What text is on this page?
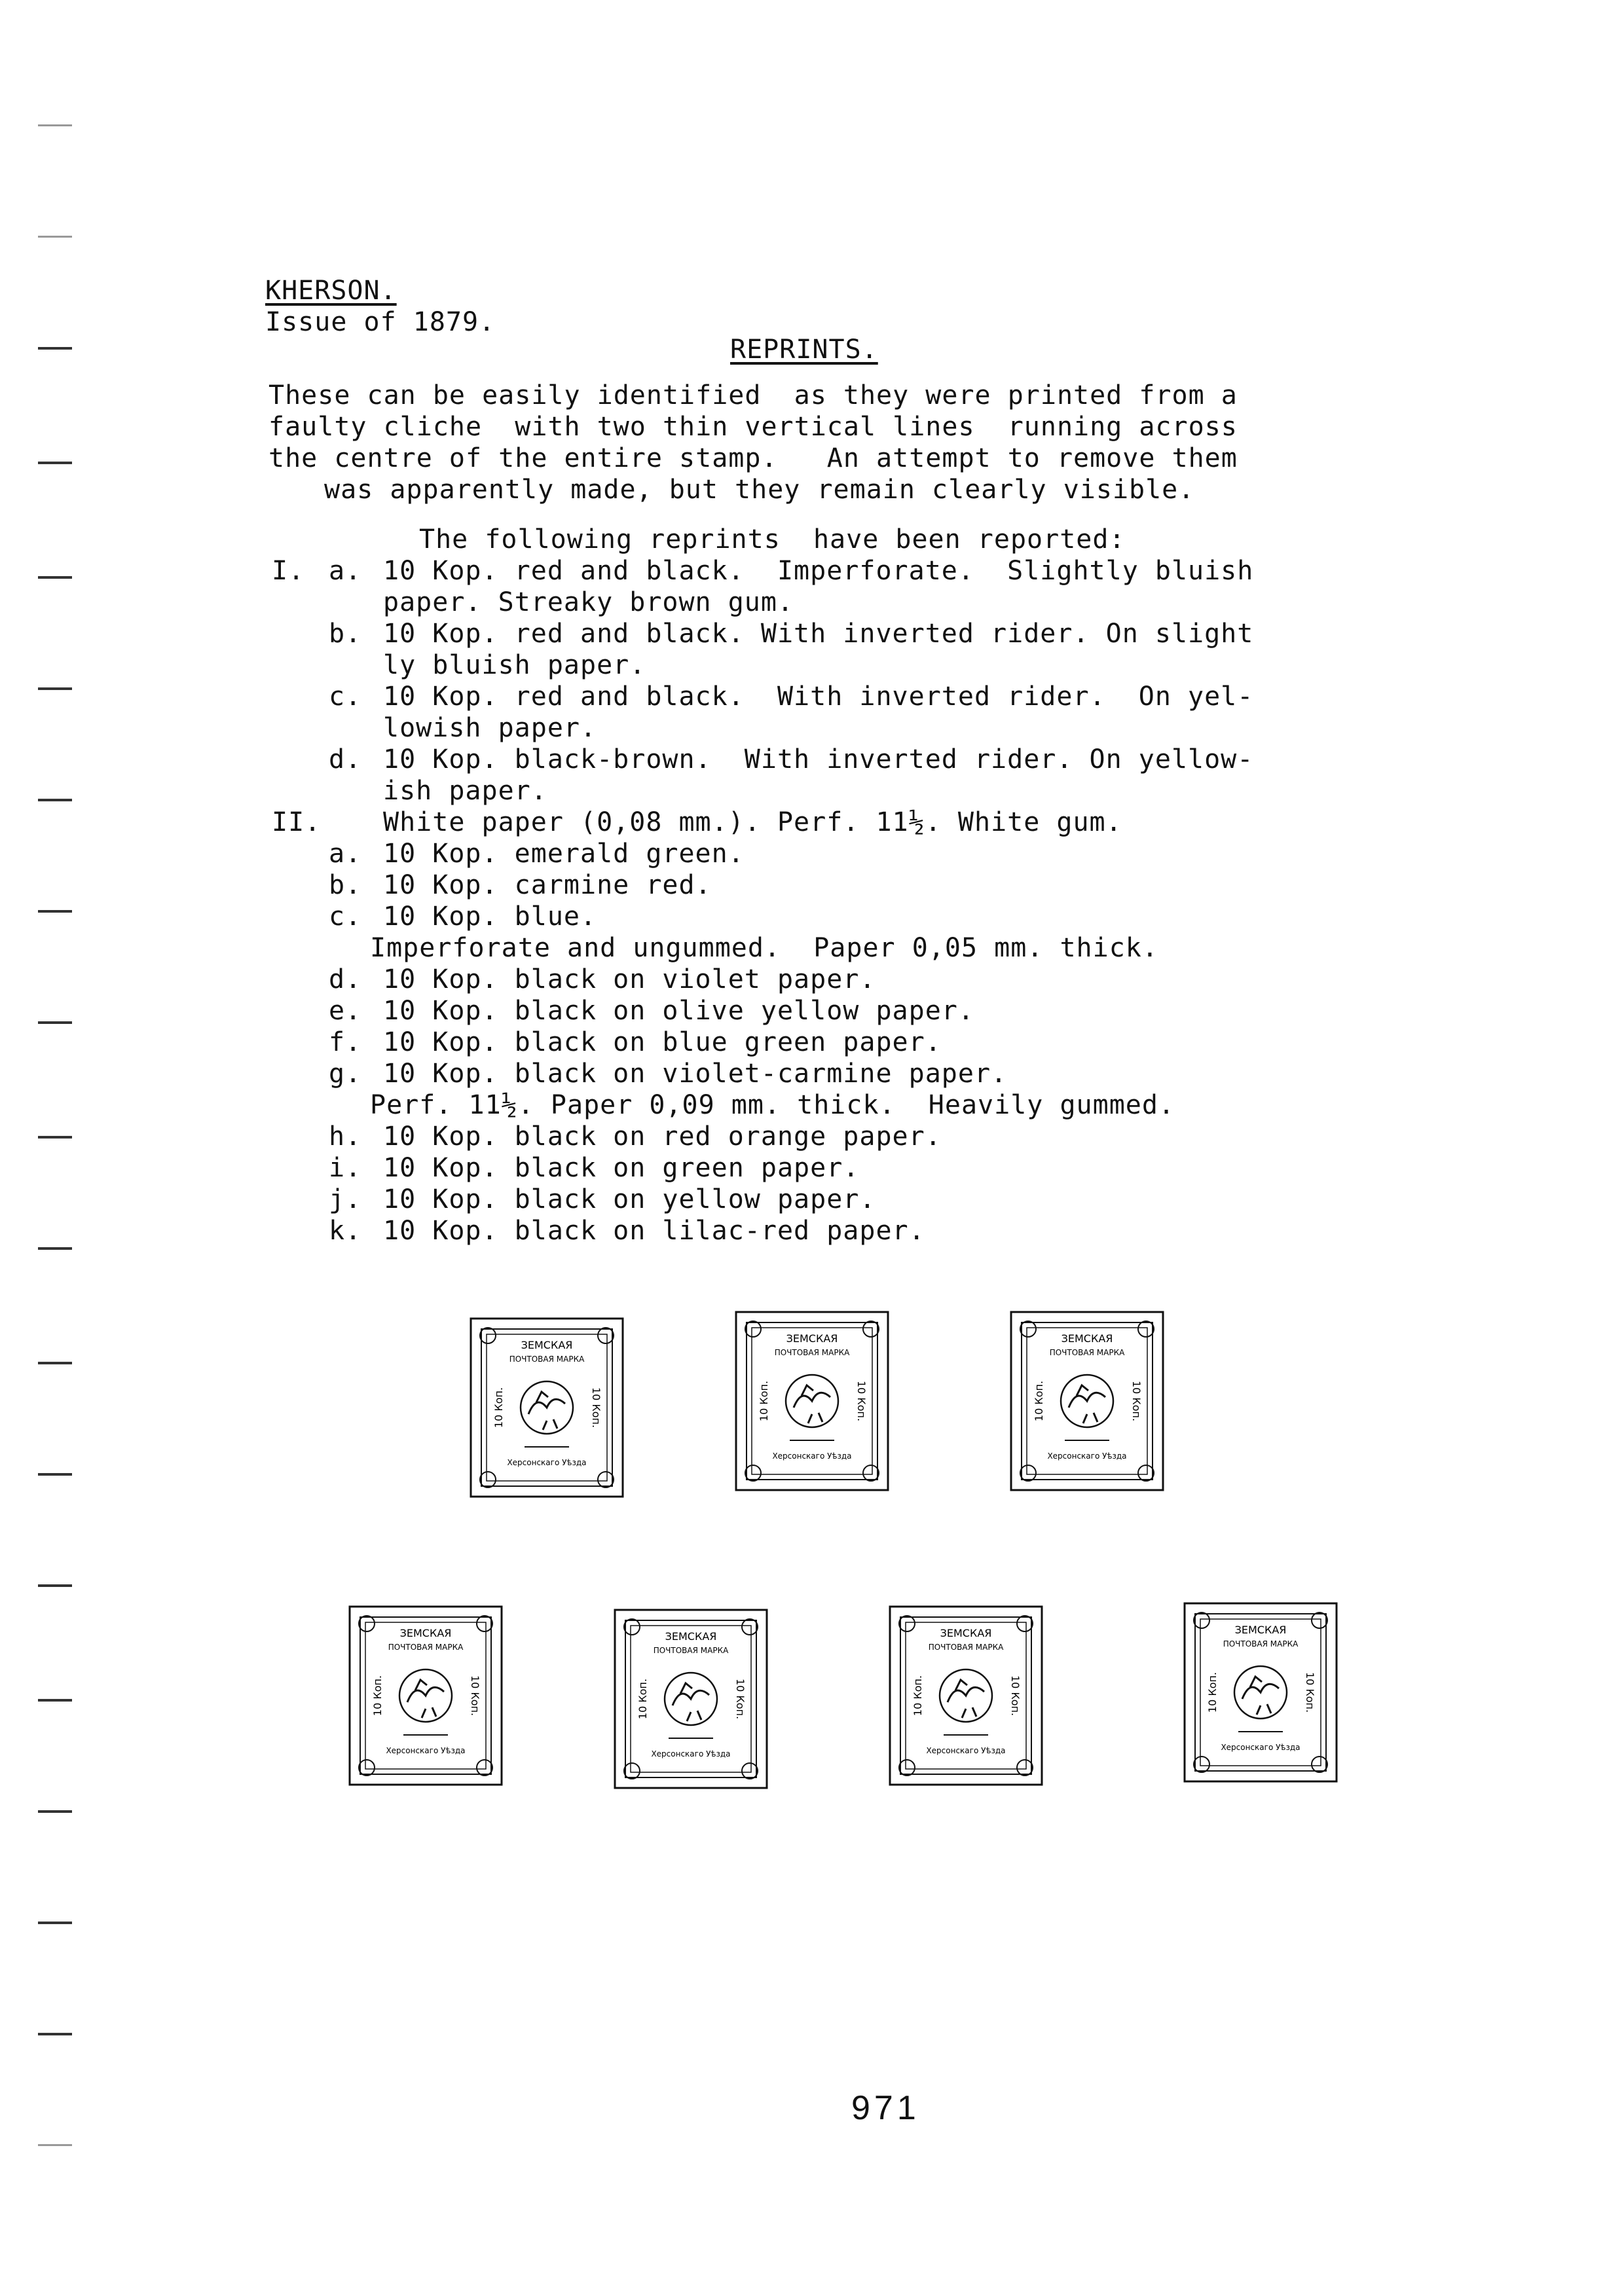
KHERSON.
Issue of 1879.
REPRINTS.
These can be easily identified  as they were printed from a
faulty cliche  with two thin vertical lines  running across
the centre of the entire stamp.   An attempt to remove them
was apparently made, but they remain clearly visible.
The following reprints  have been reported:
I. a. 10 Kop. red and black.  Imperforate.  Slightly bluish
paper. Streaky brown gum.
b. 10 Kop. red and black. With inverted rider. On slight
ly bluish paper.
c. 10 Kop. red and black.  With inverted rider.  On yel-
lowish paper.
d. 10 Kop. black-brown.  With inverted rider. On yellow-
ish paper.
II. White paper (0,08 mm.). Perf. 11½. White gum.
a. 10 Kop. emerald green.
b. 10 Kop. carmine red.
c. 10 Kop. blue.
Imperforate and ungummed.  Paper 0,05 mm. thick.
d. 10 Kop. black on violet paper.
e. 10 Kop. black on olive yellow paper.
f. 10 Kop. black on blue green paper.
g. 10 Kop. black on violet-carmine paper.
Perf. 11½. Paper 0,09 mm. thick.  Heavily gummed.
h. 10 Kop. black on red orange paper.
i. 10 Kop. black on green paper.
j. 10 Kop. black on yellow paper.
k. 10 Kop. black on lilac-red paper.
ЗЕМСКАЯ
ПОЧТОВАЯ МАРКА
10 Коп.	10 Коп.
Херсонскаго Уѣзда
ЗЕМСКАЯ
ПОЧТОВАЯ МАРКА
10 Коп.	10 Коп.
Херсонскаго Уѣзда
ЗЕМСКАЯ
ПОЧТОВАЯ МАРКА
10 Коп.	10 Коп.
Херсонскаго Уѣзда
ЗЕМСКАЯ
ПОЧТОВАЯ МАРКА
10 Коп.	10 Коп.
Херсонскаго Уѣзда
ЗЕМСКАЯ
ПОЧТОВАЯ МАРКА
10 Коп.	10 Коп.
Херсонскаго Уѣзда
ЗЕМСКАЯ
ПОЧТОВАЯ МАРКА
10 Коп.	10 Коп.
Херсонскаго Уѣзда
ЗЕМСКАЯ
ПОЧТОВАЯ МАРКА
10 Коп.	10 Коп.
Херсонскаго Уѣзда
971
